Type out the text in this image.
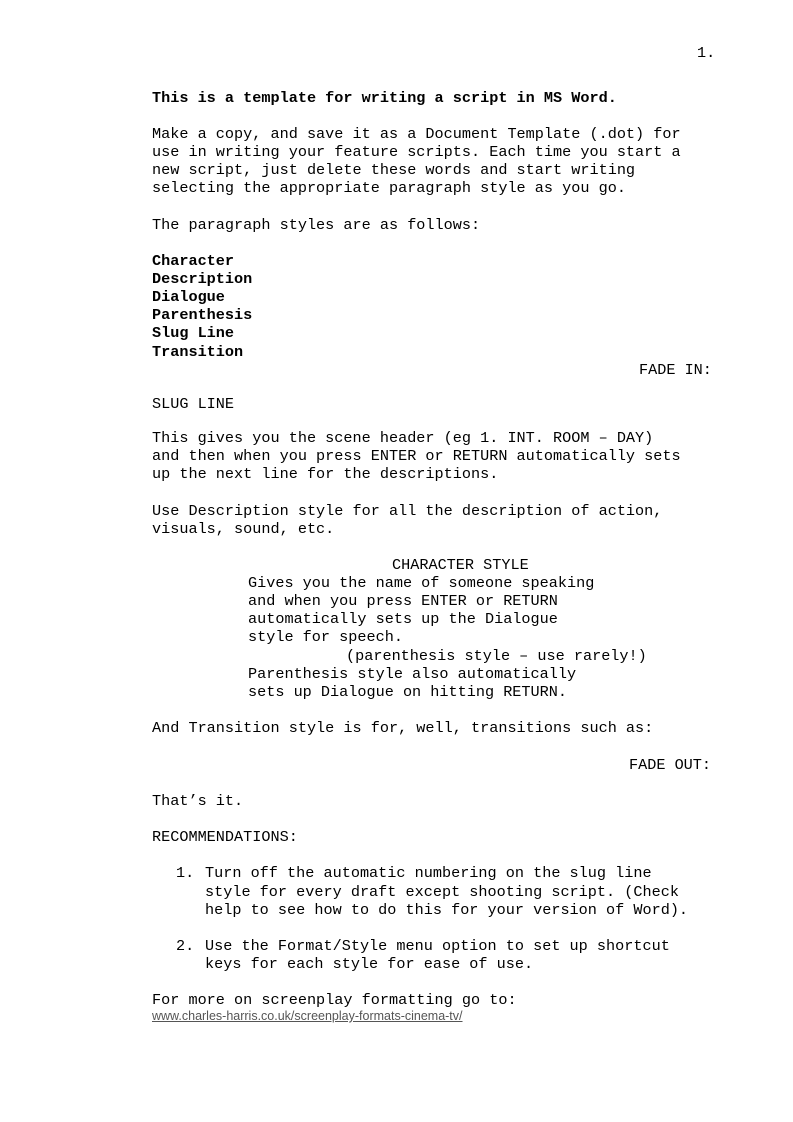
1.
This is a template for writing a script in MS Word.
Make a copy, and save it as a Document Template (.dot) for
use in writing your feature scripts. Each time you start a
new script, just delete these words and start writing
selecting the appropriate paragraph style as you go.
The paragraph styles are as follows:
Character
Description
Dialogue
Parenthesis
Slug Line
Transition
FADE IN:
SLUG LINE
This gives you the scene header (eg 1. INT. ROOM – DAY)
and then when you press ENTER or RETURN automatically sets
up the next line for the descriptions.
Use Description style for all the description of action,
visuals, sound, etc.
CHARACTER STYLE
Gives you the name of someone speaking
and when you press ENTER or RETURN
automatically sets up the Dialogue
style for speech.
(parenthesis style – use rarely!)
Parenthesis style also automatically
sets up Dialogue on hitting RETURN.
And Transition style is for, well, transitions such as:
FADE OUT:
That’s it.
RECOMMENDATIONS:
1. Turn off the automatic numbering on the slug line
style for every draft except shooting script. (Check
help to see how to do this for your version of Word).
2. Use the Format/Style menu option to set up shortcut
keys for each style for ease of use.
For more on screenplay formatting go to:
www.charles-harris.co.uk/screenplay-formats-cinema-tv/
